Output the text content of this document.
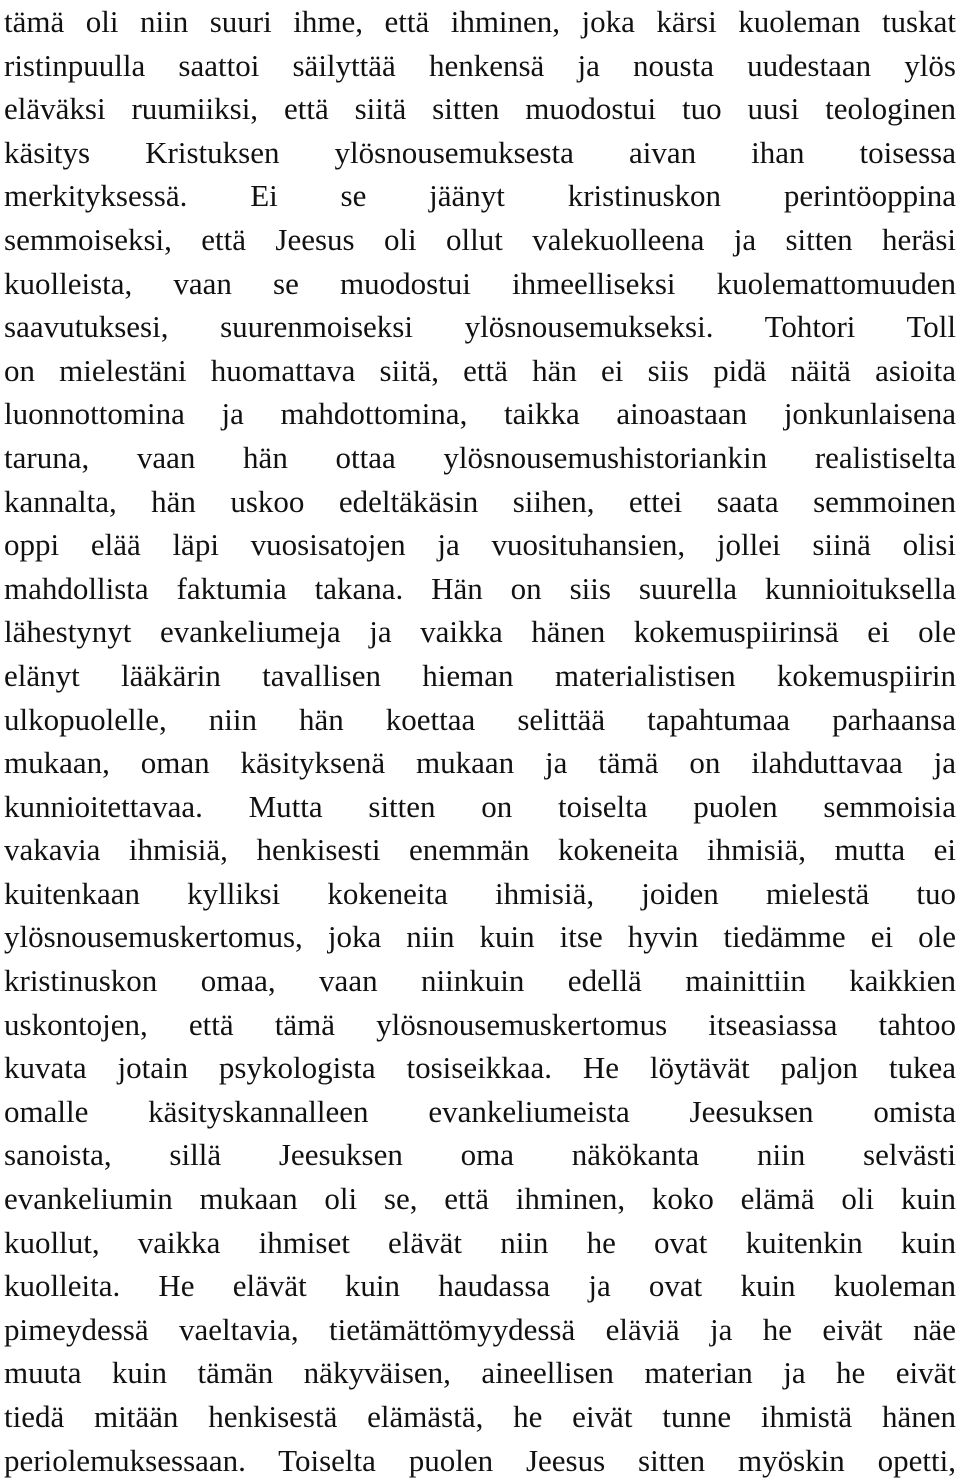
tämä oli niin suuri ihme, että ihminen, joka kärsi kuoleman tuskat
ristinpuulla saattoi säilyttää henkensä ja nousta uudestaan ylös
eläväksi ruumiiksi, että siitä sitten muodostui tuo uusi teologinen
käsitys Kristuksen ylösnousemuksesta aivan ihan toisessa
merkityksessä. Ei se jäänyt kristinuskon perintöoppina
semmoiseksi, että Jeesus oli ollut valekuolleena ja sitten heräsi
kuolleista, vaan se muodostui ihmeelliseksi kuolemattomuuden
saavutuksesi, suurenmoiseksi ylösnousemukseksi. Tohtori Toll
on mielestäni huomattava siitä, että hän ei siis pidä näitä asioita
luonnottomina ja mahdottomina, taikka ainoastaan jonkunlaisena
taruna, vaan hän ottaa ylösnousemushistoriankin realistiselta
kannalta, hän uskoo edeltäkäsin siihen, ettei saata semmoinen
oppi elää läpi vuosisatojen ja vuosituhansien, jollei siinä olisi
mahdollista faktumia takana. Hän on siis suurella kunnioituksella
lähestynyt evankeliumeja ja vaikka hänen kokemuspiirinsä ei ole
elänyt lääkärin tavallisen hieman materialistisen kokemuspiirin
ulkopuolelle, niin hän koettaa selittää tapahtumaa parhaansa
mukaan, oman käsityksenä mukaan ja tämä on ilahduttavaa ja
kunnioitettavaa. Mutta sitten on toiselta puolen semmoisia
vakavia ihmisiä, henkisesti enemmän kokeneita ihmisiä, mutta ei
kuitenkaan kylliksi kokeneita ihmisiä, joiden mielestä tuo
ylösnousemuskertomus, joka niin kuin itse hyvin tiedämme ei ole
kristinuskon omaa, vaan niinkuin edellä mainittiin kaikkien
uskontojen, että tämä ylösnousemuskertomus itseasiassa tahtoo
kuvata jotain psykologista tosiseikkaa. He löytävät paljon tukea
omalle käsityskannalleen evankeliumeista Jeesuksen omista
sanoista, sillä Jeesuksen oma näkökanta niin selvästi
evankeliumin mukaan oli se, että ihminen, koko elämä oli kuin
kuollut, vaikka ihmiset elävät niin he ovat kuitenkin kuin
kuolleita. He elävät kuin haudassa ja ovat kuin kuoleman
pimeydessä vaeltavia, tietämättömyydessä eläviä ja he eivät näe
muuta kuin tämän näkyväisen, aineellisen materian ja he eivät
tiedä mitään henkisestä elämästä, he eivät tunne ihmistä hänen
periolemuksessaan. Toiselta puolen Jeesus sitten myöskin opetti,
